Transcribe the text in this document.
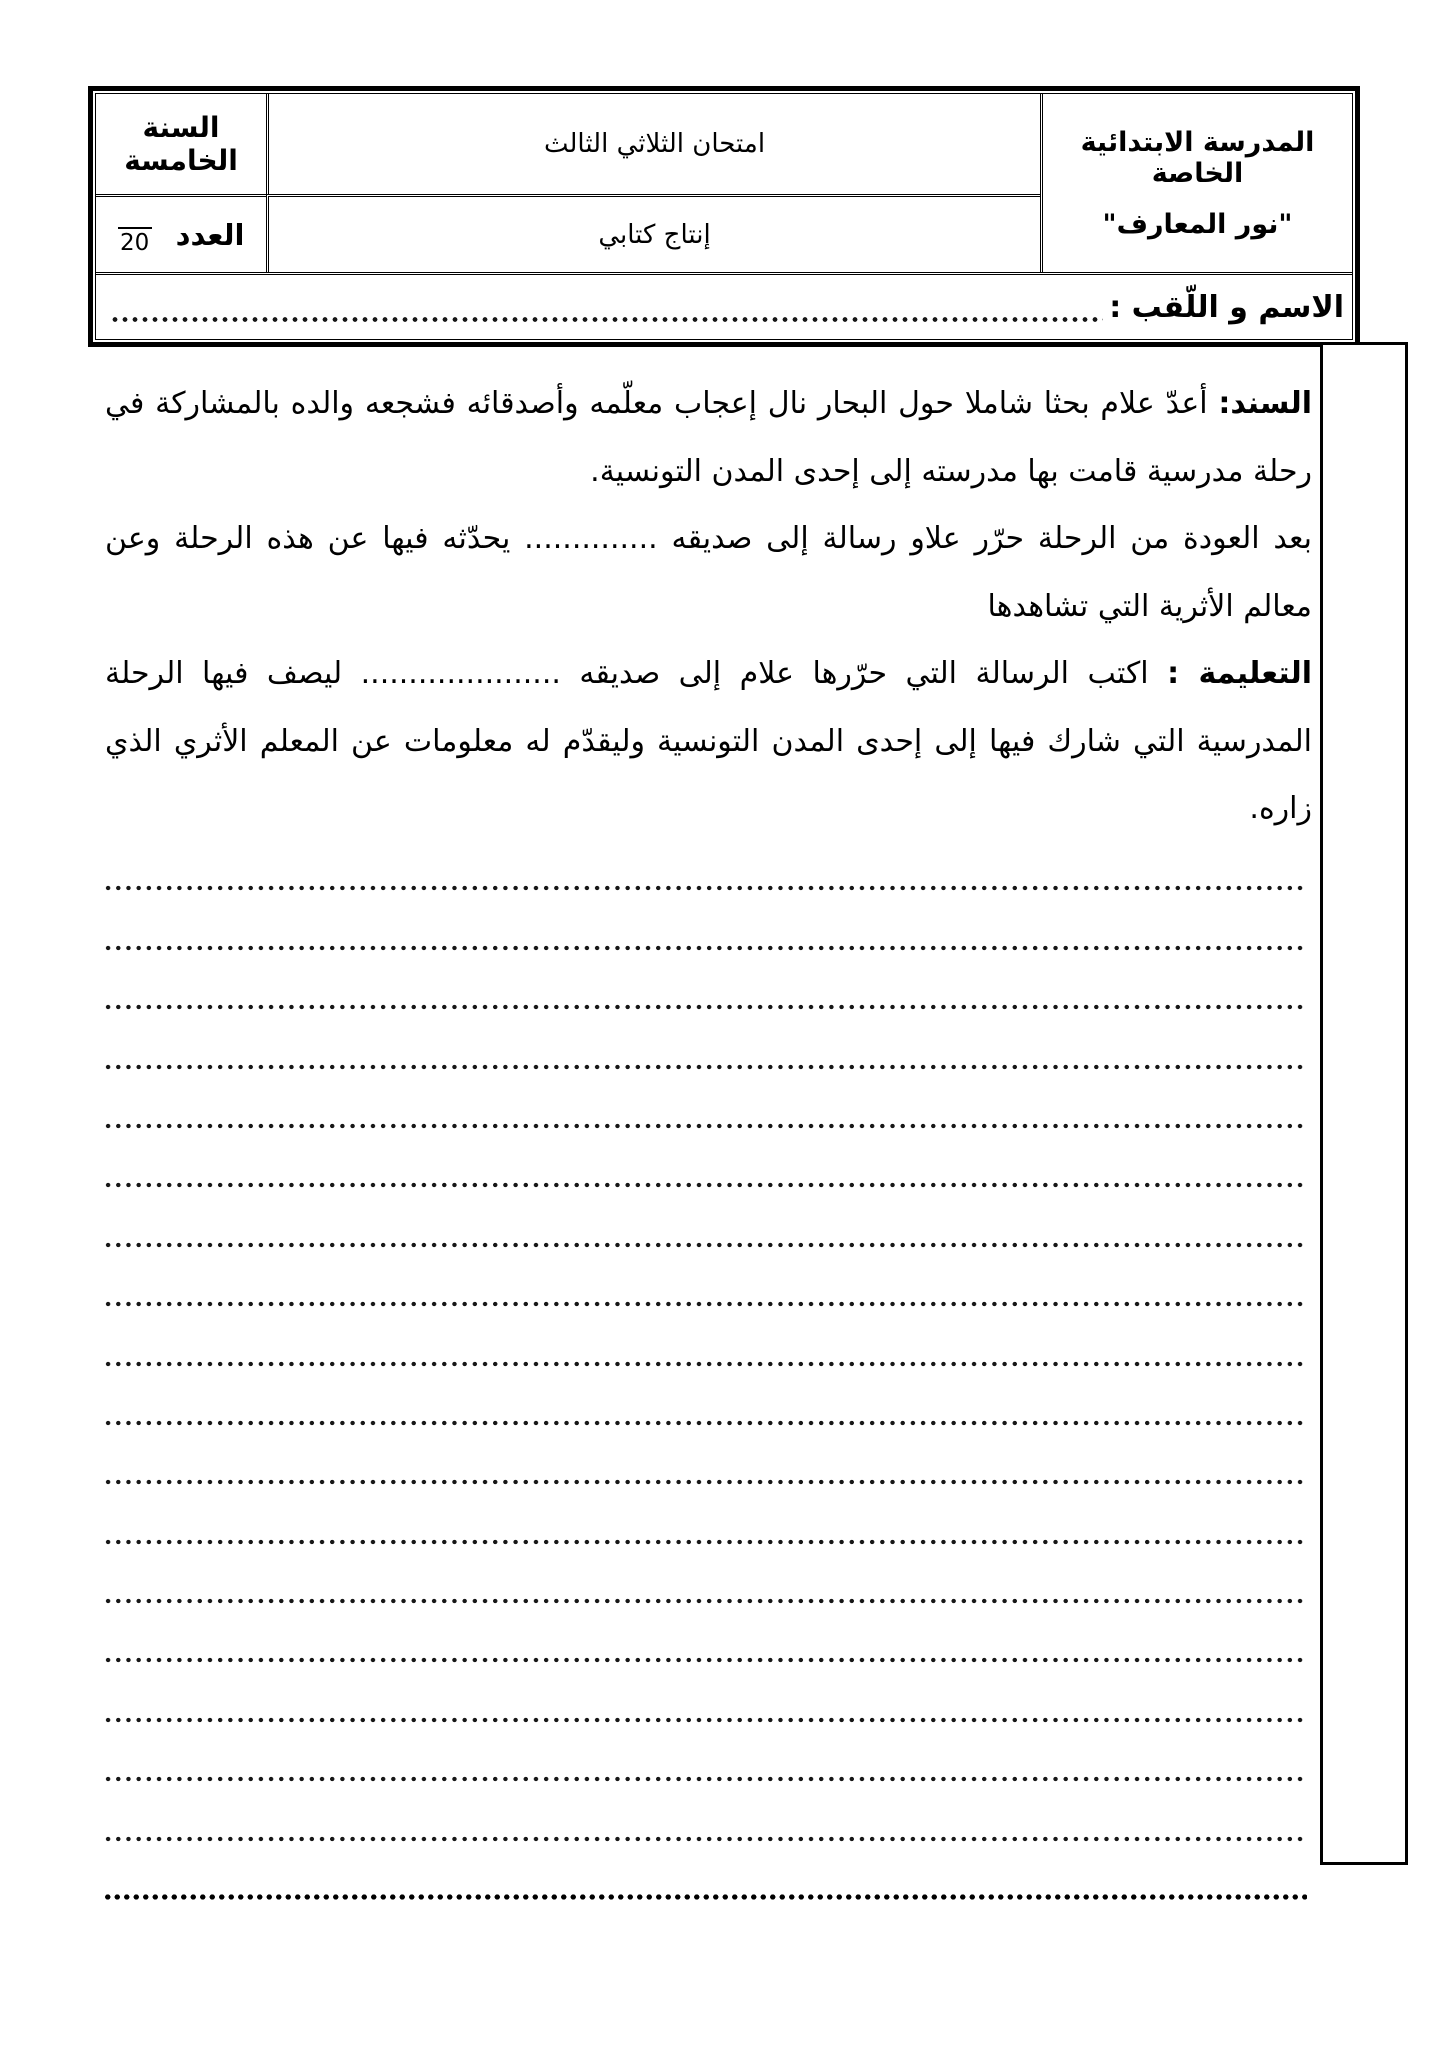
المدرسة الابتدائية الخاصة
"نور المعارف"
امتحان الثلاثي الثالث
السنة الخامسة
إنتاج كتابي
العدد
20
الاسم و اللّقب :
السند: أعدّ علام بحثا شاملا حول البحار نال إعجاب معلّمه وأصدقائه فشجعه والده بالمشاركة في
رحلة مدرسية قامت بها مدرسته إلى إحدى المدن التونسية.
بعد العودة من الرحلة حرّر علاو رسالة إلى صديقه .............. يحدّثه فيها عن هذه الرحلة وعن
معالم الأثرية التي تشاهدها
التعليمة : اكتب الرسالة التي حرّرها علام إلى صديقه ..................... ليصف فيها الرحلة
المدرسية التي شارك فيها إلى إحدى المدن التونسية وليقدّم له معلومات عن المعلم الأثري الذي
زاره.
